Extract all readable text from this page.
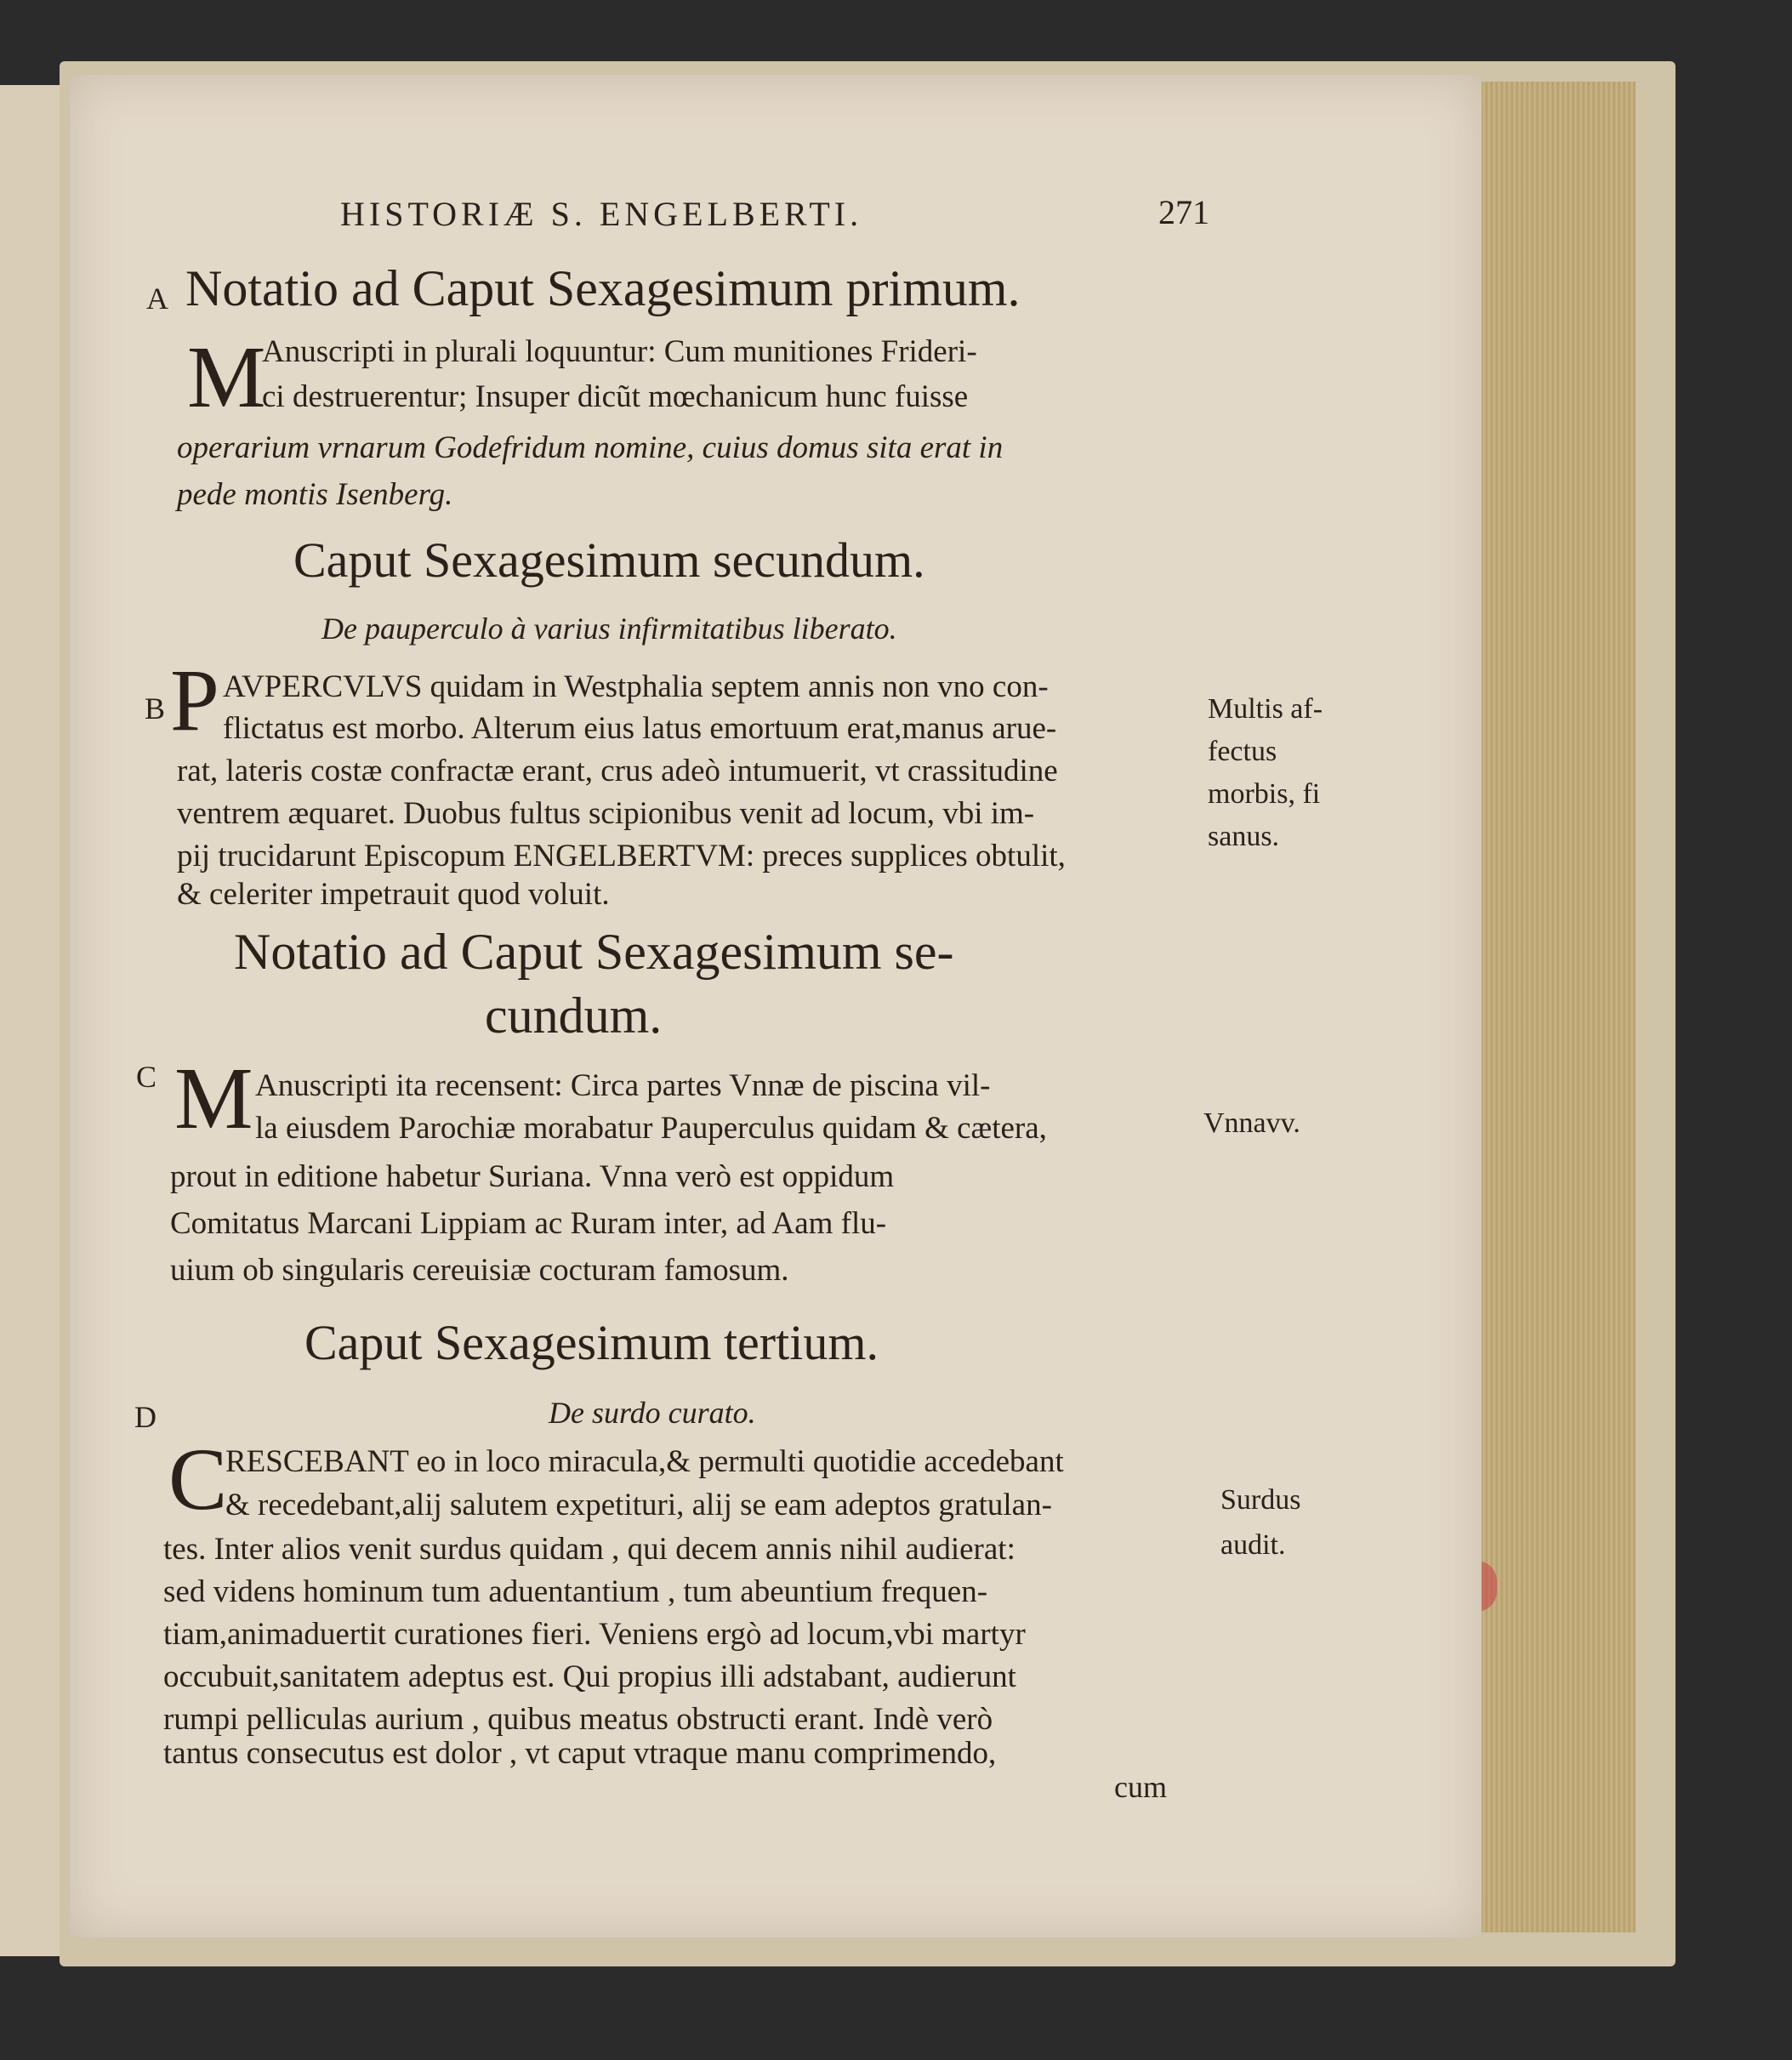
HISTORIÆ S. ENGELBERTI.	271
A Notatio ad Caput Sexagesimum primum.
M
Anuscripti in plurali loquuntur: Cum munitiones Frideri-
ci destruerentur; Insuper dicũt mœchanicum hunc fuisse
operarium vrnarum Godefridum nomine, cuius domus sita erat in
pede montis Isenberg.
Caput Sexagesimum secundum.
De pauperculo à varius infirmitatibus liberato.
B P AVPERCVLVS quidam in Westphalia septem annis non vno con-
flictatus est morbo. Alterum eius latus emortuum erat,manus arue-
rat, lateris costæ confractæ erant, crus adeò intumuerit, vt crassitudine
ventrem æquaret. Duobus fultus scipionibus venit ad locum, vbi im-
pij trucidarunt Episcopum ENGELBERTVM: preces supplices obtulit,
& celeriter impetrauit quod voluit.
Multis af-
fectus
morbis, fi
sanus.
Notatio ad Caput Sexagesimum se-
cundum.
C M Anuscripti ita recensent: Circa partes Vnnæ de piscina vil-
la eiusdem Parochiæ morabatur Pauperculus quidam & cætera,
prout in editione habetur Suriana. Vnna verò est oppidum
Comitatus Marcani Lippiam ac Ruram inter, ad Aam flu-
uium ob singularis cereuisiæ cocturam famosum.
Vnnavv.
Caput Sexagesimum tertium.
D	De surdo curato.
C
RESCEBANT eo in loco miracula,& permulti quotidie accedebant
& recedebant,alij salutem expetituri, alij se eam adeptos gratulan-
tes. Inter alios venit surdus quidam , qui decem annis nihil audierat:
sed videns hominum tum aduentantium , tum abeuntium frequen-
tiam,animaduertit curationes fieri. Veniens ergò ad locum,vbi martyr
occubuit,sanitatem adeptus est. Qui propius illi adstabant, audierunt
rumpi pelliculas aurium , quibus meatus obstructi erant. Indè verò
tantus consecutus est dolor , vt caput vtraque manu comprimendo,
Surdus
audit.
cum
